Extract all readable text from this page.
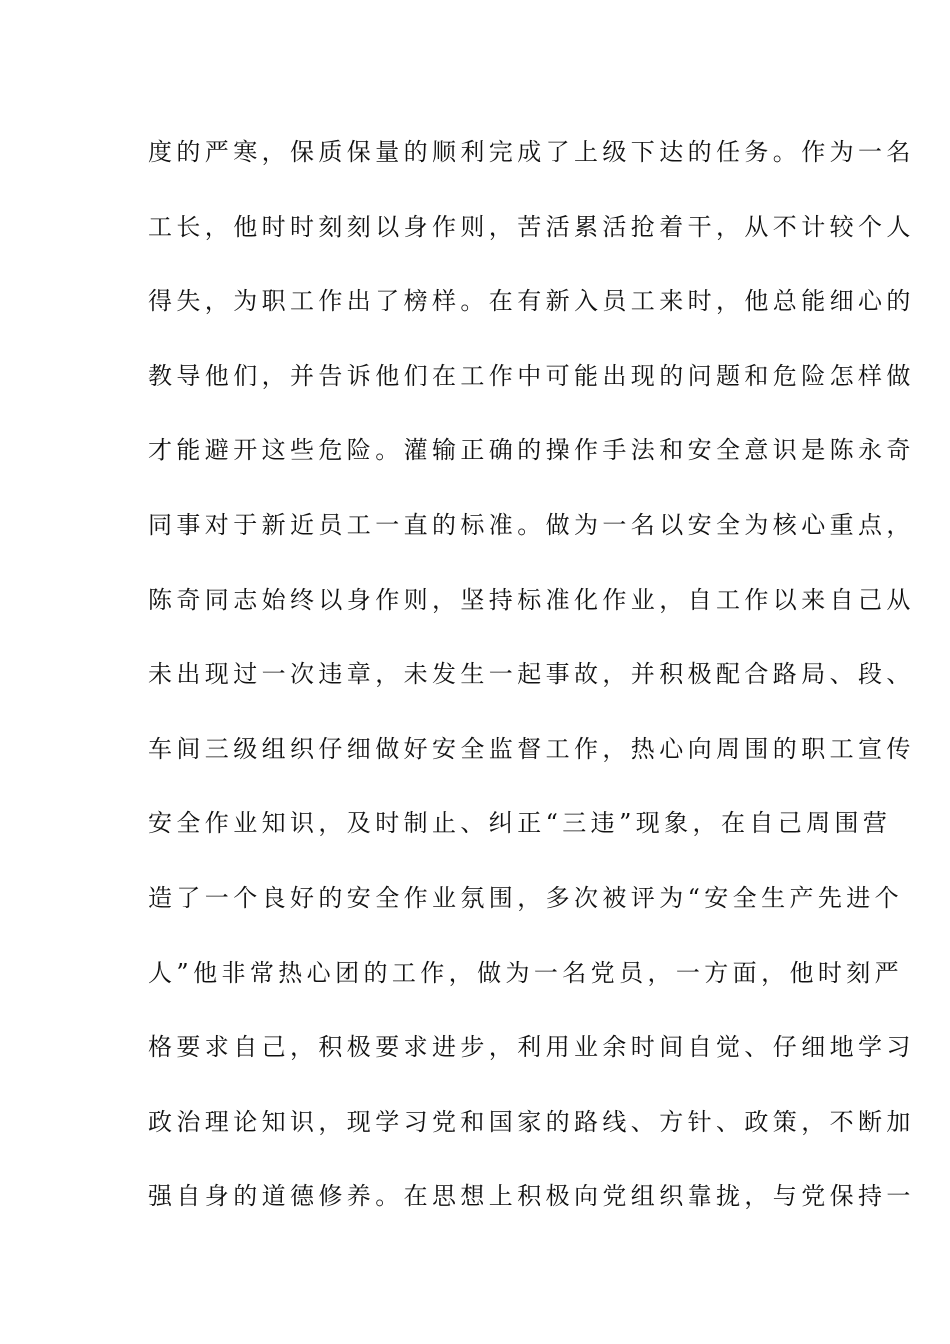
度的严寒，保质保量的顺利完成了上级下达的任务。作为一名
工长，他时时刻刻以身作则，苦活累活抢着干，从不计较个人
得失，为职工作出了榜样。在有新入员工来时，他总能细心的
教导他们，并告诉他们在工作中可能出现的问题和危险怎样做
才能避开这些危险。灌输正确的操作手法和安全意识是陈永奇
同事对于新近员工一直的标准。做为一名以安全为核心重点，
陈奇同志始终以身作则，坚持标准化作业，自工作以来自己从
未出现过一次违章，未发生一起事故，并积极配合路局、段、
车间三级组织仔细做好安全监督工作，热心向周围的职工宣传
安全作业知识，及时制止、纠正“三违”现象，在自己周围营
造了一个良好的安全作业氛围，多次被评为“安全生产先进个
人”他非常热心团的工作，做为一名党员，一方面，他时刻严
格要求自己，积极要求进步，利用业余时间自觉、仔细地学习
政治理论知识，现学习党和国家的路线、方针、政策，不断加
强自身的道德修养。在思想上积极向党组织靠拢，与党保持一
